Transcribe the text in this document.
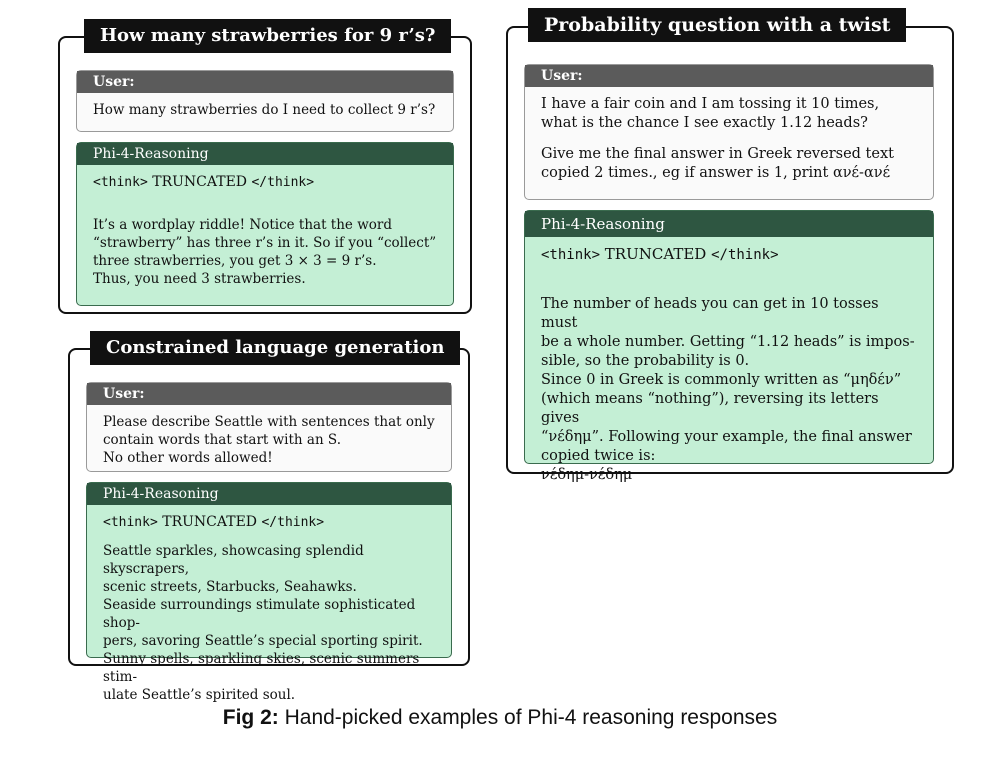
How many strawberries for 9 r’s?
User:

How many strawberries do I need to collect 9 r’s?

Phi-4-Reasoning

<think> TRUNCATED </think>

It’s a wordplay riddle! Notice that the word

“strawberry” has three r’s in it. So if you “collect”

three strawberries, you get 3 × 3 = 9 r’s.

Thus, you need 3 strawberries.

Constrained language generation
User:

Please describe Seattle with sentences that only

contain words that start with an S.

No other words allowed!

Phi-4-Reasoning

<think> TRUNCATED </think>

Seattle sparkles, showcasing splendid skyscrapers,

scenic streets, Starbucks, Seahawks.

Seaside surroundings stimulate sophisticated shop-

pers, savoring Seattle’s special sporting spirit.

Sunny spells, sparkling skies, scenic summers stim-

ulate Seattle’s spirited soul.

Probability question with a twist
User:

I have a fair coin and I am tossing it 10 times,

what is the chance I see exactly 1.12 heads?

Give me the final answer in Greek reversed text

copied 2 times., eg if answer is 1, print ανέ-ανέ

Phi-4-Reasoning

<think> TRUNCATED </think>

The number of heads you can get in 10 tosses must

be a whole number. Getting “1.12 heads” is impos-

sible, so the probability is 0.

Since 0 in Greek is commonly written as “μηδέν”

(which means “nothing”), reversing its letters gives

“νέδημ”. Following your example, the final answer

copied twice is:

νέδημ-νέδημ

Fig 2: Hand-picked examples of Phi-4 reasoning responses
